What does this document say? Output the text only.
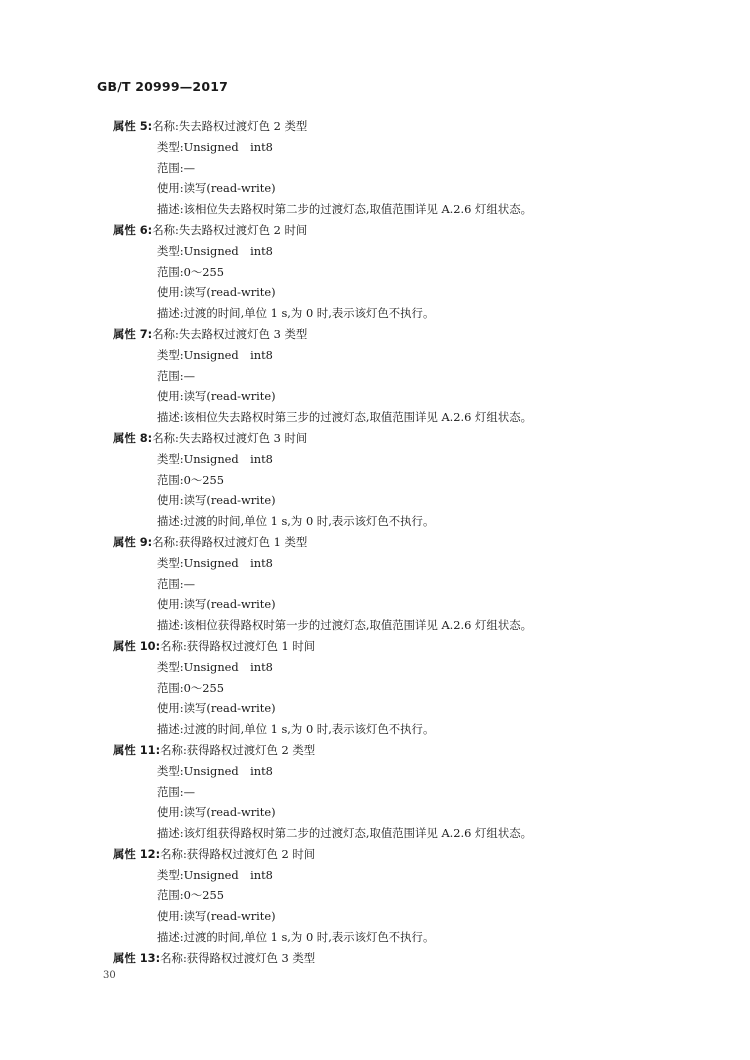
GB/T 20999—2017
属性 5:名称:失去路权过渡灯色 2 类型
类型:Unsigned　int8
范围:—
使用:读写(read-write)
描述:该相位失去路权时第二步的过渡灯态,取值范围详见 A.2.6 灯组状态。
属性 6:名称:失去路权过渡灯色 2 时间
类型:Unsigned　int8
范围:0～255
使用:读写(read-write)
描述:过渡的时间,单位 1 s,为 0 时,表示该灯色不执行。
属性 7:名称:失去路权过渡灯色 3 类型
类型:Unsigned　int8
范围:—
使用:读写(read-write)
描述:该相位失去路权时第三步的过渡灯态,取值范围详见 A.2.6 灯组状态。
属性 8:名称:失去路权过渡灯色 3 时间
类型:Unsigned　int8
范围:0～255
使用:读写(read-write)
描述:过渡的时间,单位 1 s,为 0 时,表示该灯色不执行。
属性 9:名称:获得路权过渡灯色 1 类型
类型:Unsigned　int8
范围:—
使用:读写(read-write)
描述:该相位获得路权时第一步的过渡灯态,取值范围详见 A.2.6 灯组状态。
属性 10:名称:获得路权过渡灯色 1 时间
类型:Unsigned　int8
范围:0～255
使用:读写(read-write)
描述:过渡的时间,单位 1 s,为 0 时,表示该灯色不执行。
属性 11:名称:获得路权过渡灯色 2 类型
类型:Unsigned　int8
范围:—
使用:读写(read-write)
描述:该灯组获得路权时第二步的过渡灯态,取值范围详见 A.2.6 灯组状态。
属性 12:名称:获得路权过渡灯色 2 时间
类型:Unsigned　int8
范围:0～255
使用:读写(read-write)
描述:过渡的时间,单位 1 s,为 0 时,表示该灯色不执行。
属性 13:名称:获得路权过渡灯色 3 类型
30
